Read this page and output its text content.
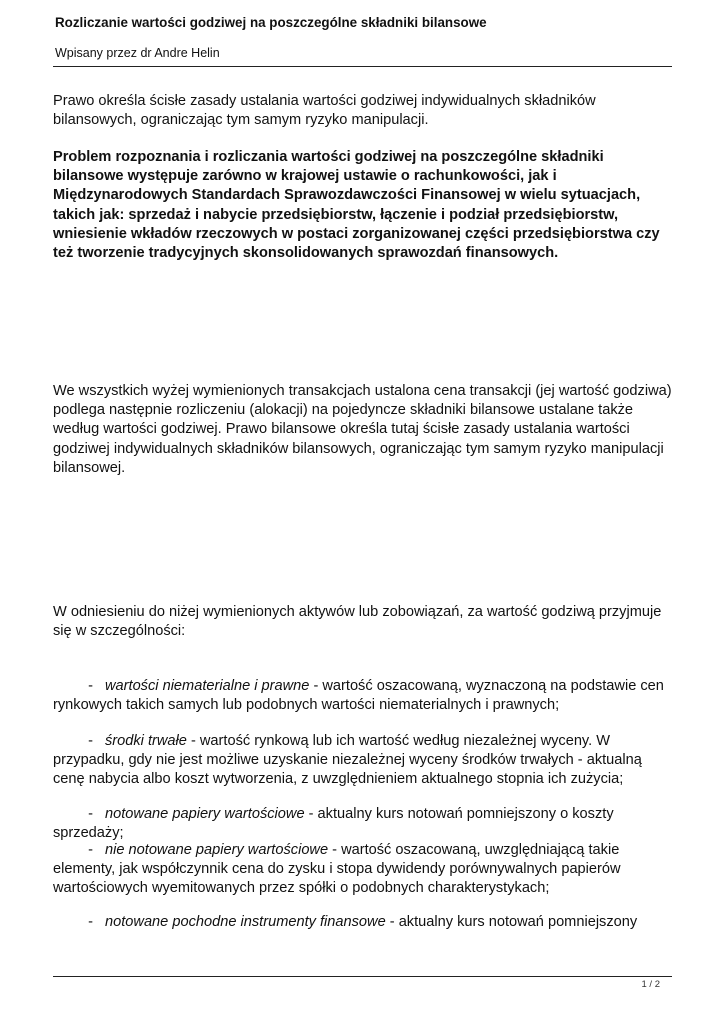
Rozliczanie wartości godziwej na poszczególne składniki bilansowe
Wpisany przez dr Andre Helin

Prawo określa ścisłe zasady ustalania wartości godziwej indywidualnych składników bilansowych, ograniczając tym samym ryzyko manipulacji.

Problem rozpoznania i rozliczania wartości godziwej na poszczególne składniki bilansowe występuje zarówno w krajowej ustawie o rachunkowości, jak i Międzynarodowych Standardach Sprawozdawczości Finansowej w wielu sytuacjach, takich jak: sprzedaż i nabycie przedsiębiorstw, łączenie i podział przedsiębiorstw, wniesienie wkładów rzeczowych w postaci zorganizowanej części przedsiębiorstwa czy też tworzenie tradycyjnych skonsolidowanych sprawozdań finansowych.

We wszystkich wyżej wymienionych transakcjach ustalona cena transakcji (jej wartość godziwa) podlega następnie rozliczeniu (alokacji) na pojedyncze składniki bilansowe ustalane także według wartości godziwej. Prawo bilansowe określa tutaj ścisłe zasady ustalania wartości godziwej indywidualnych składników bilansowych, ograniczając tym samym ryzyko manipulacji bilansowej.

W odniesieniu do niżej wymienionych aktywów lub zobowiązań, za wartość godziwą przyjmuje się w szczególności:

- wartości niematerialne i prawne - wartość oszacowaną, wyznaczoną na podstawie cen rynkowych takich samych lub podobnych wartości niematerialnych i prawnych;
- środki trwałe - wartość rynkową lub ich wartość według niezależnej wyceny. W przypadku, gdy nie jest możliwe uzyskanie niezależnej wyceny środków trwałych - aktualną cenę nabycia albo koszt wytworzenia, z uwzględnieniem aktualnego stopnia ich zużycia;
- notowane papiery wartościowe - aktualny kurs notowań pomniejszony o koszty sprzedaży;
- nie notowane papiery wartościowe - wartość oszacowaną, uwzględniającą takie elementy, jak współczynnik cena do zysku i stopa dywidendy porównywalnych papierów wartościowych wyemitowanych przez spółki o podobnych charakterystykach;
- notowane pochodne instrumenty finansowe - aktualny kurs notowań pomniejszony
1 / 2
